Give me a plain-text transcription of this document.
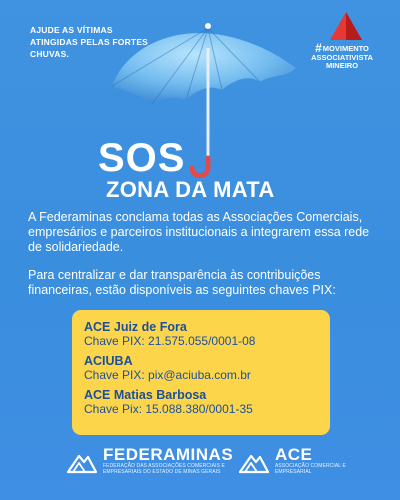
AJUDE AS VÍTIMAS ATINGIDAS PELAS FORTES CHUVAS.	#MOVIMENTO
ASSOCIATIVISTA
MINEIRO
SOS
ZONA DA MATA
A Federaminas conclama todas as Associações Comerciais, empresários e parceiros institucionais a integrarem essa rede de solidariedade.
Para centralizar e dar transparência às contribuições financeiras, estão disponíveis as seguintes chaves PIX:
ACE Juiz de Fora
Chave PIX: 21.575.055/0001-08
ACIUBA
Chave PIX: pix@aciuba.com.br
ACE Matias Barbosa
Chave Pix: 15.088.380/0001-35
FEDERAMINAS
FEDERAÇÃO DAS ASSOCIAÇÕES COMERCIAIS E EMPRESARIAIS DO ESTADO DE MINAS GERAIS
ACE
ASSOCIAÇÃO COMERCIAL E EMPRESARIAL
